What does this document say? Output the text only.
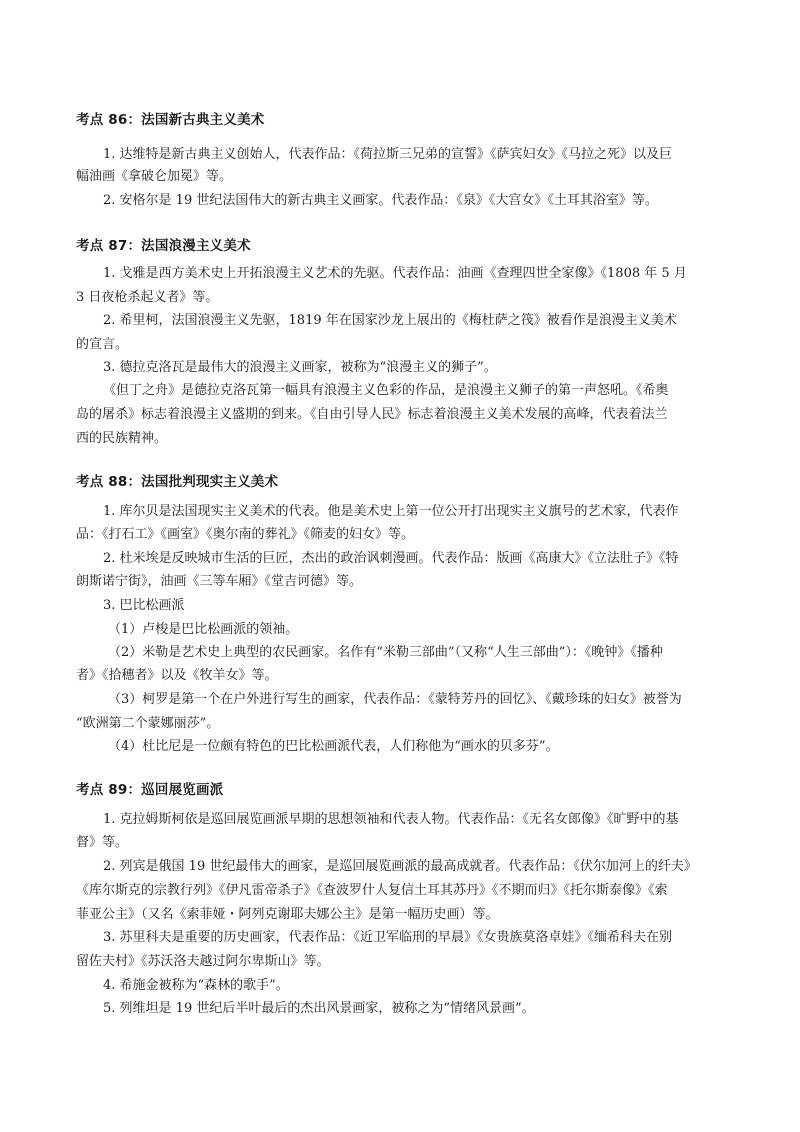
考点 86：法国新古典主义美术
1. 达维特是新古典主义创始人，代表作品：《荷拉斯三兄弟的宣誓》《萨宾妇女》《马拉之死》以及巨
幅油画《拿破仑加冕》等。
2. 安格尔是 19 世纪法国伟大的新古典主义画家。代表作品：《泉》《大宫女》《土耳其浴室》等。
考点 87：法国浪漫主义美术
1. 戈雅是西方美术史上开拓浪漫主义艺术的先驱。代表作品：油画《查理四世全家像》《1808 年 5 月
3 日夜枪杀起义者》等。
2. 希里柯，法国浪漫主义先驱，1819 年在国家沙龙上展出的《梅杜萨之筏》被看作是浪漫主义美术
的宣言。
3. 德拉克洛瓦是最伟大的浪漫主义画家，被称为“浪漫主义的狮子”。
《但丁之舟》是德拉克洛瓦第一幅具有浪漫主义色彩的作品，是浪漫主义狮子的第一声怒吼。《希奥
岛的屠杀》标志着浪漫主义盛期的到来。《自由引导人民》标志着浪漫主义美术发展的高峰，代表着法兰
西的民族精神。
考点 88：法国批判现实主义美术
1. 库尔贝是法国现实主义美术的代表。他是美术史上第一位公开打出现实主义旗号的艺术家，代表作
品：《打石工》《画室》《奥尔南的葬礼》《筛麦的妇女》等。
2. 杜米埃是反映城市生活的巨匠，杰出的政治讽刺漫画。代表作品：版画《高康大》《立法肚子》《特
朗斯诺宁街》，油画《三等车厢》《堂吉诃德》等。
3. 巴比松画派
（1）卢梭是巴比松画派的领袖。
（2）米勒是艺术史上典型的农民画家。名作有“米勒三部曲”（又称“人生三部曲”）：《晚钟》《播种
者》《拾穗者》以及《牧羊女》等。
（3）柯罗是第一个在户外进行写生的画家，代表作品：《蒙特芳丹的回忆》、《戴珍珠的妇女》被誉为
“欧洲第二个蒙娜丽莎”。
（4）杜比尼是一位颇有特色的巴比松画派代表，人们称他为“画水的贝多芬”。
考点 89：巡回展览画派
1. 克拉姆斯柯依是巡回展览画派早期的思想领袖和代表人物。代表作品：《无名女郎像》《旷野中的基
督》等。
2. 列宾是俄国 19 世纪最伟大的画家，是巡回展览画派的最高成就者。代表作品：《伏尔加河上的纤夫》
《库尔斯克的宗教行列》《伊凡雷帝杀子》《查波罗什人复信土耳其苏丹》《不期而归》《托尔斯泰像》《索
菲亚公主》（又名《索菲娅・阿列克谢耶夫娜公主》是第一幅历史画）等。
3. 苏里科夫是重要的历史画家，代表作品：《近卫军临刑的早晨》《女贵族莫洛卓娃》《缅希科夫在别
留佐夫村》《苏沃洛夫越过阿尔卑斯山》等。
4. 希施金被称为“森林的歌手”。
5. 列维坦是 19 世纪后半叶最后的杰出风景画家，被称之为“情绪风景画”。
